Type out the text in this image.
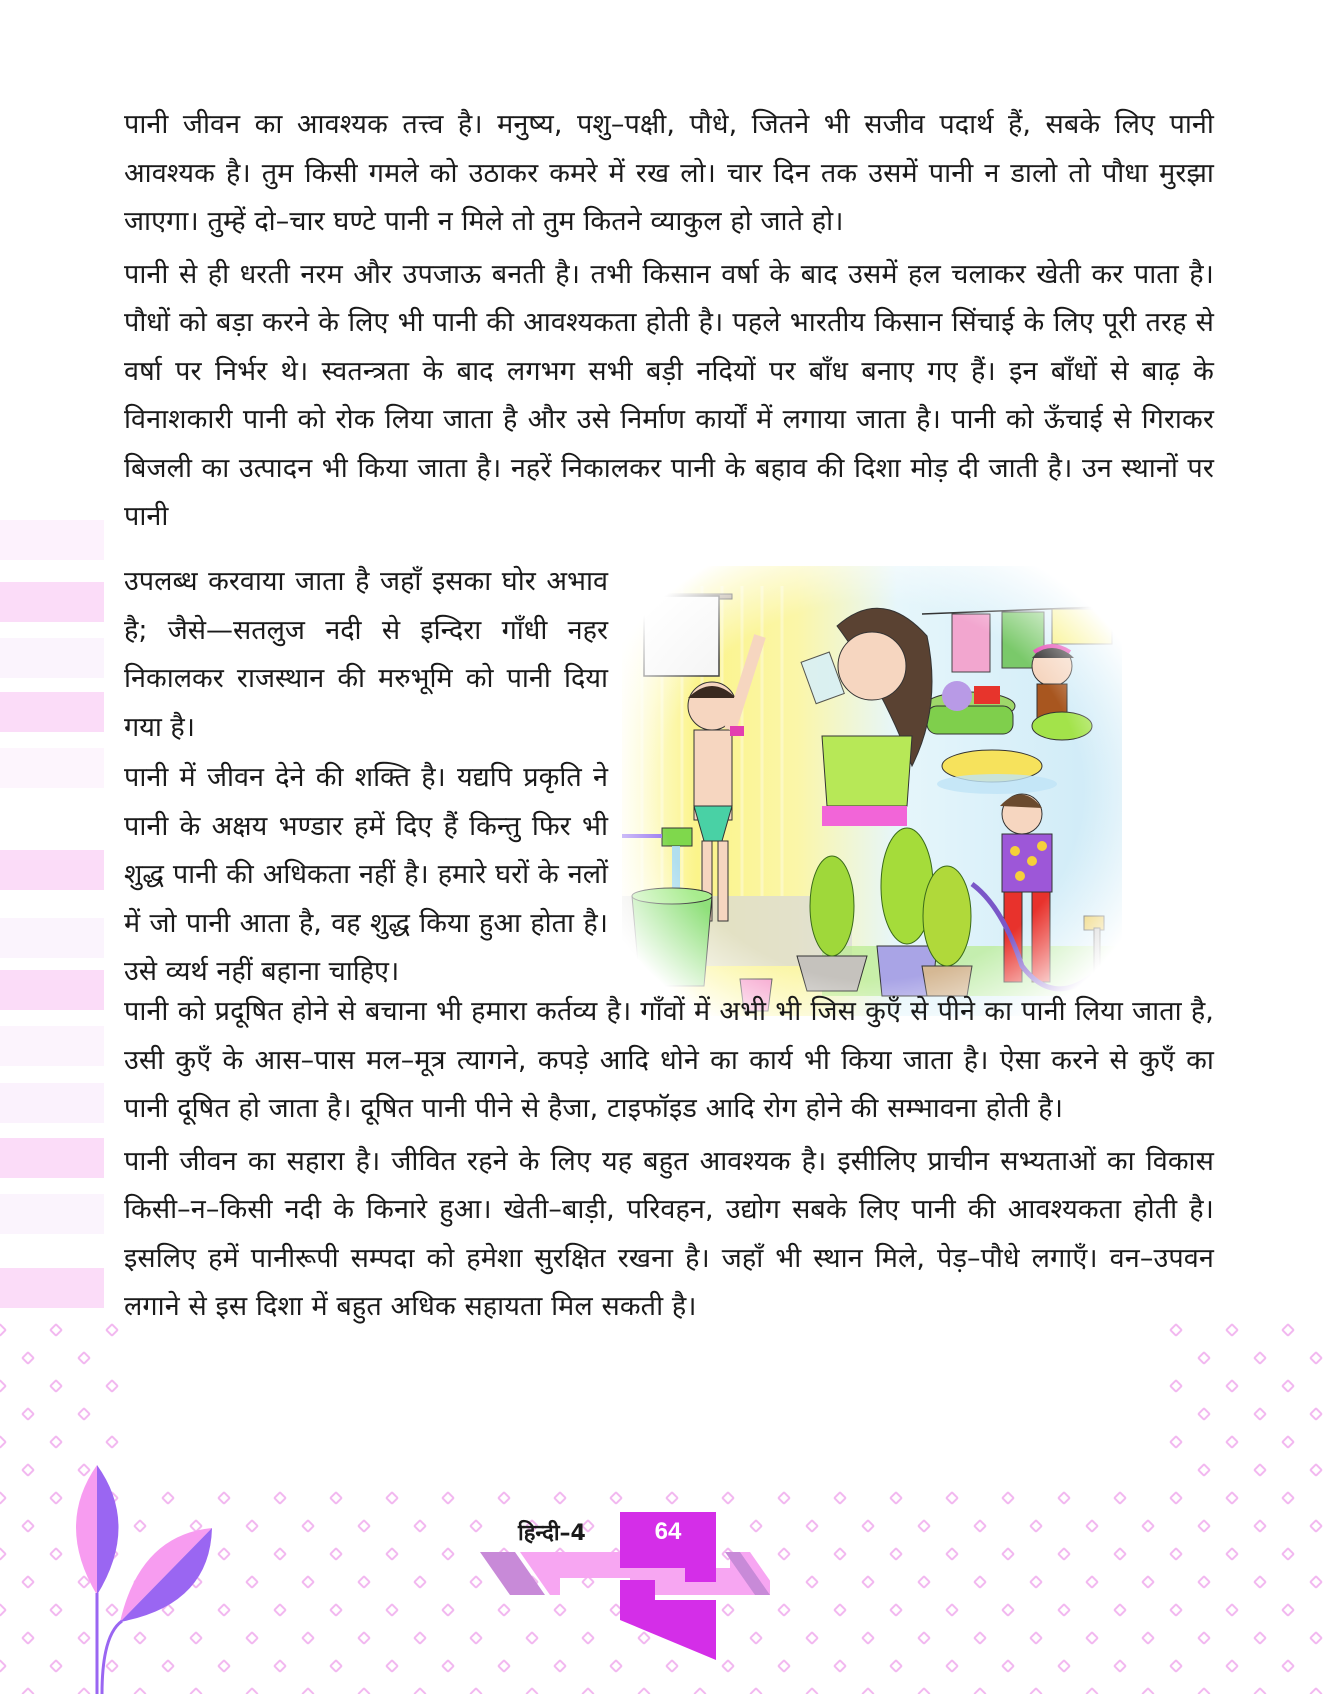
पानी जीवन का आवश्यक तत्त्व है। मनुष्य, पशु–पक्षी, पौधे, जितने भी सजीव पदार्थ हैं, सबके लिए पानी आवश्यक है। तुम किसी गमले को उठाकर कमरे में रख लो। चार दिन तक उसमें पानी न डालो तो पौधा मुरझा जाएगा। तुम्हें दो–चार घण्टे पानी न मिले तो तुम कितने व्याकुल हो जाते हो।

पानी से ही धरती नरम और उपजाऊ बनती है। तभी किसान वर्षा के बाद उसमें हल चलाकर खेती कर पाता है। पौधों को बड़ा करने के लिए भी पानी की आवश्यकता होती है। पहले भारतीय किसान सिंचाई के लिए पूरी तरह से वर्षा पर निर्भर थे। स्वतन्त्रता के बाद लगभग सभी बड़ी नदियों पर बाँध बनाए गए हैं। इन बाँधों से बाढ़ के विनाशकारी पानी को रोक लिया जाता है और उसे निर्माण कार्यों में लगाया जाता है। पानी को ऊँचाई से गिराकर बिजली का उत्पादन भी किया जाता है। नहरें निकालकर पानी के बहाव की दिशा मोड़ दी जाती है। उन स्थानों पर पानी

उपलब्ध करवाया जाता है जहाँ इसका घोर अभाव है; जैसे—सतलुज नदी से इन्दिरा गाँधी नहर निकालकर राजस्थान की मरुभूमि को पानी दिया गया है।

पानी में जीवन देने की शक्ति है। यद्यपि प्रकृति ने पानी के अक्षय भण्डार हमें दिए हैं किन्तु फिर भी शुद्ध पानी की अधिकता नहीं है। हमारे घरों के नलों में जो पानी आता है, वह शुद्ध किया हुआ होता है। उसे व्यर्थ नहीं बहाना चाहिए।

पानी को प्रदूषित होने से बचाना भी हमारा कर्तव्य है। गाँवों में अभी भी जिस कुएँ से पीने का पानी लिया जाता है, उसी कुएँ के आस–पास मल–मूत्र त्यागने, कपड़े आदि धोने का कार्य भी किया जाता है। ऐसा करने से कुएँ का पानी दूषित हो जाता है। दूषित पानी पीने से हैजा, टाइफॉइड आदि रोग होने की सम्भावना होती है।

पानी जीवन का सहारा है। जीवित रहने के लिए यह बहुत आवश्यक है। इसीलिए प्राचीन सभ्यताओं का विकास किसी–न–किसी नदी के किनारे हुआ। खेती–बाड़ी, परिवहन, उद्योग सबके लिए पानी की आवश्यकता होती है। इसलिए हमें पानीरूपी सम्पदा को हमेशा सुरक्षित रखना है। जहाँ भी स्थान मिले, पेड़–पौधे लगाएँ। वन–उपवन लगाने से इस दिशा में बहुत अधिक सहायता मिल सकती है।

हिन्दी–4	64
